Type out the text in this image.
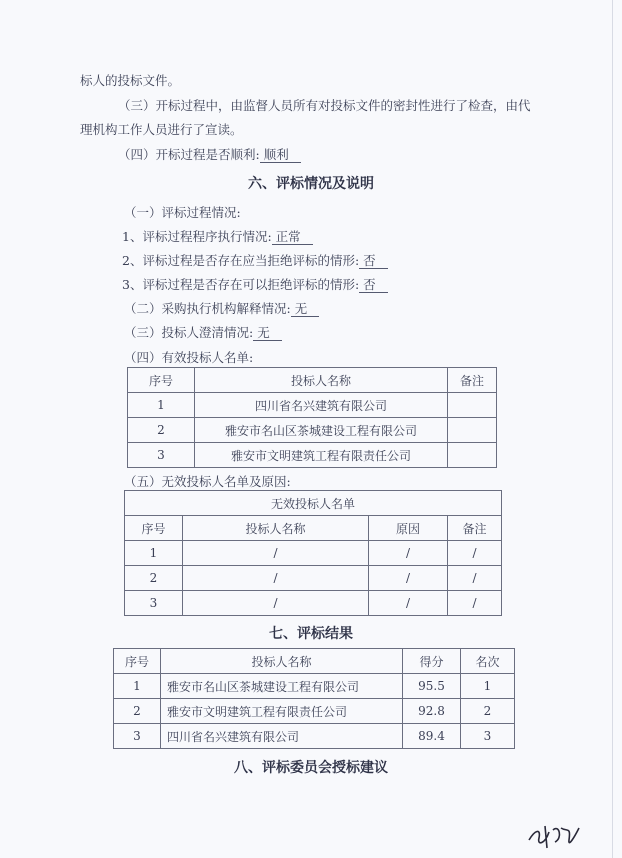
标人的投标文件。
（三）开标过程中，由监督人员所有对投标文件的密封性进行了检查，由代
理机构工作人员进行了宣读。
（四）开标过程是否顺利: 顺利
六、评标情况及说明
（一）评标过程情况:
1、评标过程程序执行情况: 正常
2、评标过程是否存在应当拒绝评标的情形: 否
3、评标过程是否存在可以拒绝评标的情形: 否
（二）采购执行机构解释情况: 无
（三）投标人澄清情况: 无
（四）有效投标人名单:
序号	投标人名称	备注
1	四川省名兴建筑有限公司	
2	雅安市名山区茶城建设工程有限公司	
3	雅安市文明建筑工程有限责任公司	
（五）无效投标人名单及原因:
无效投标人名单			
序号	投标人名称	原因	备注
1	/	/	/
2	/	/	/
3	/	/	/
七、评标结果
序号	投标人名称	得分	名次
1	雅安市名山区茶城建设工程有限公司	95.5	1
2	雅安市文明建筑工程有限责任公司	92.8	2
3	四川省名兴建筑有限公司	89.4	3
八、评标委员会授标建议
